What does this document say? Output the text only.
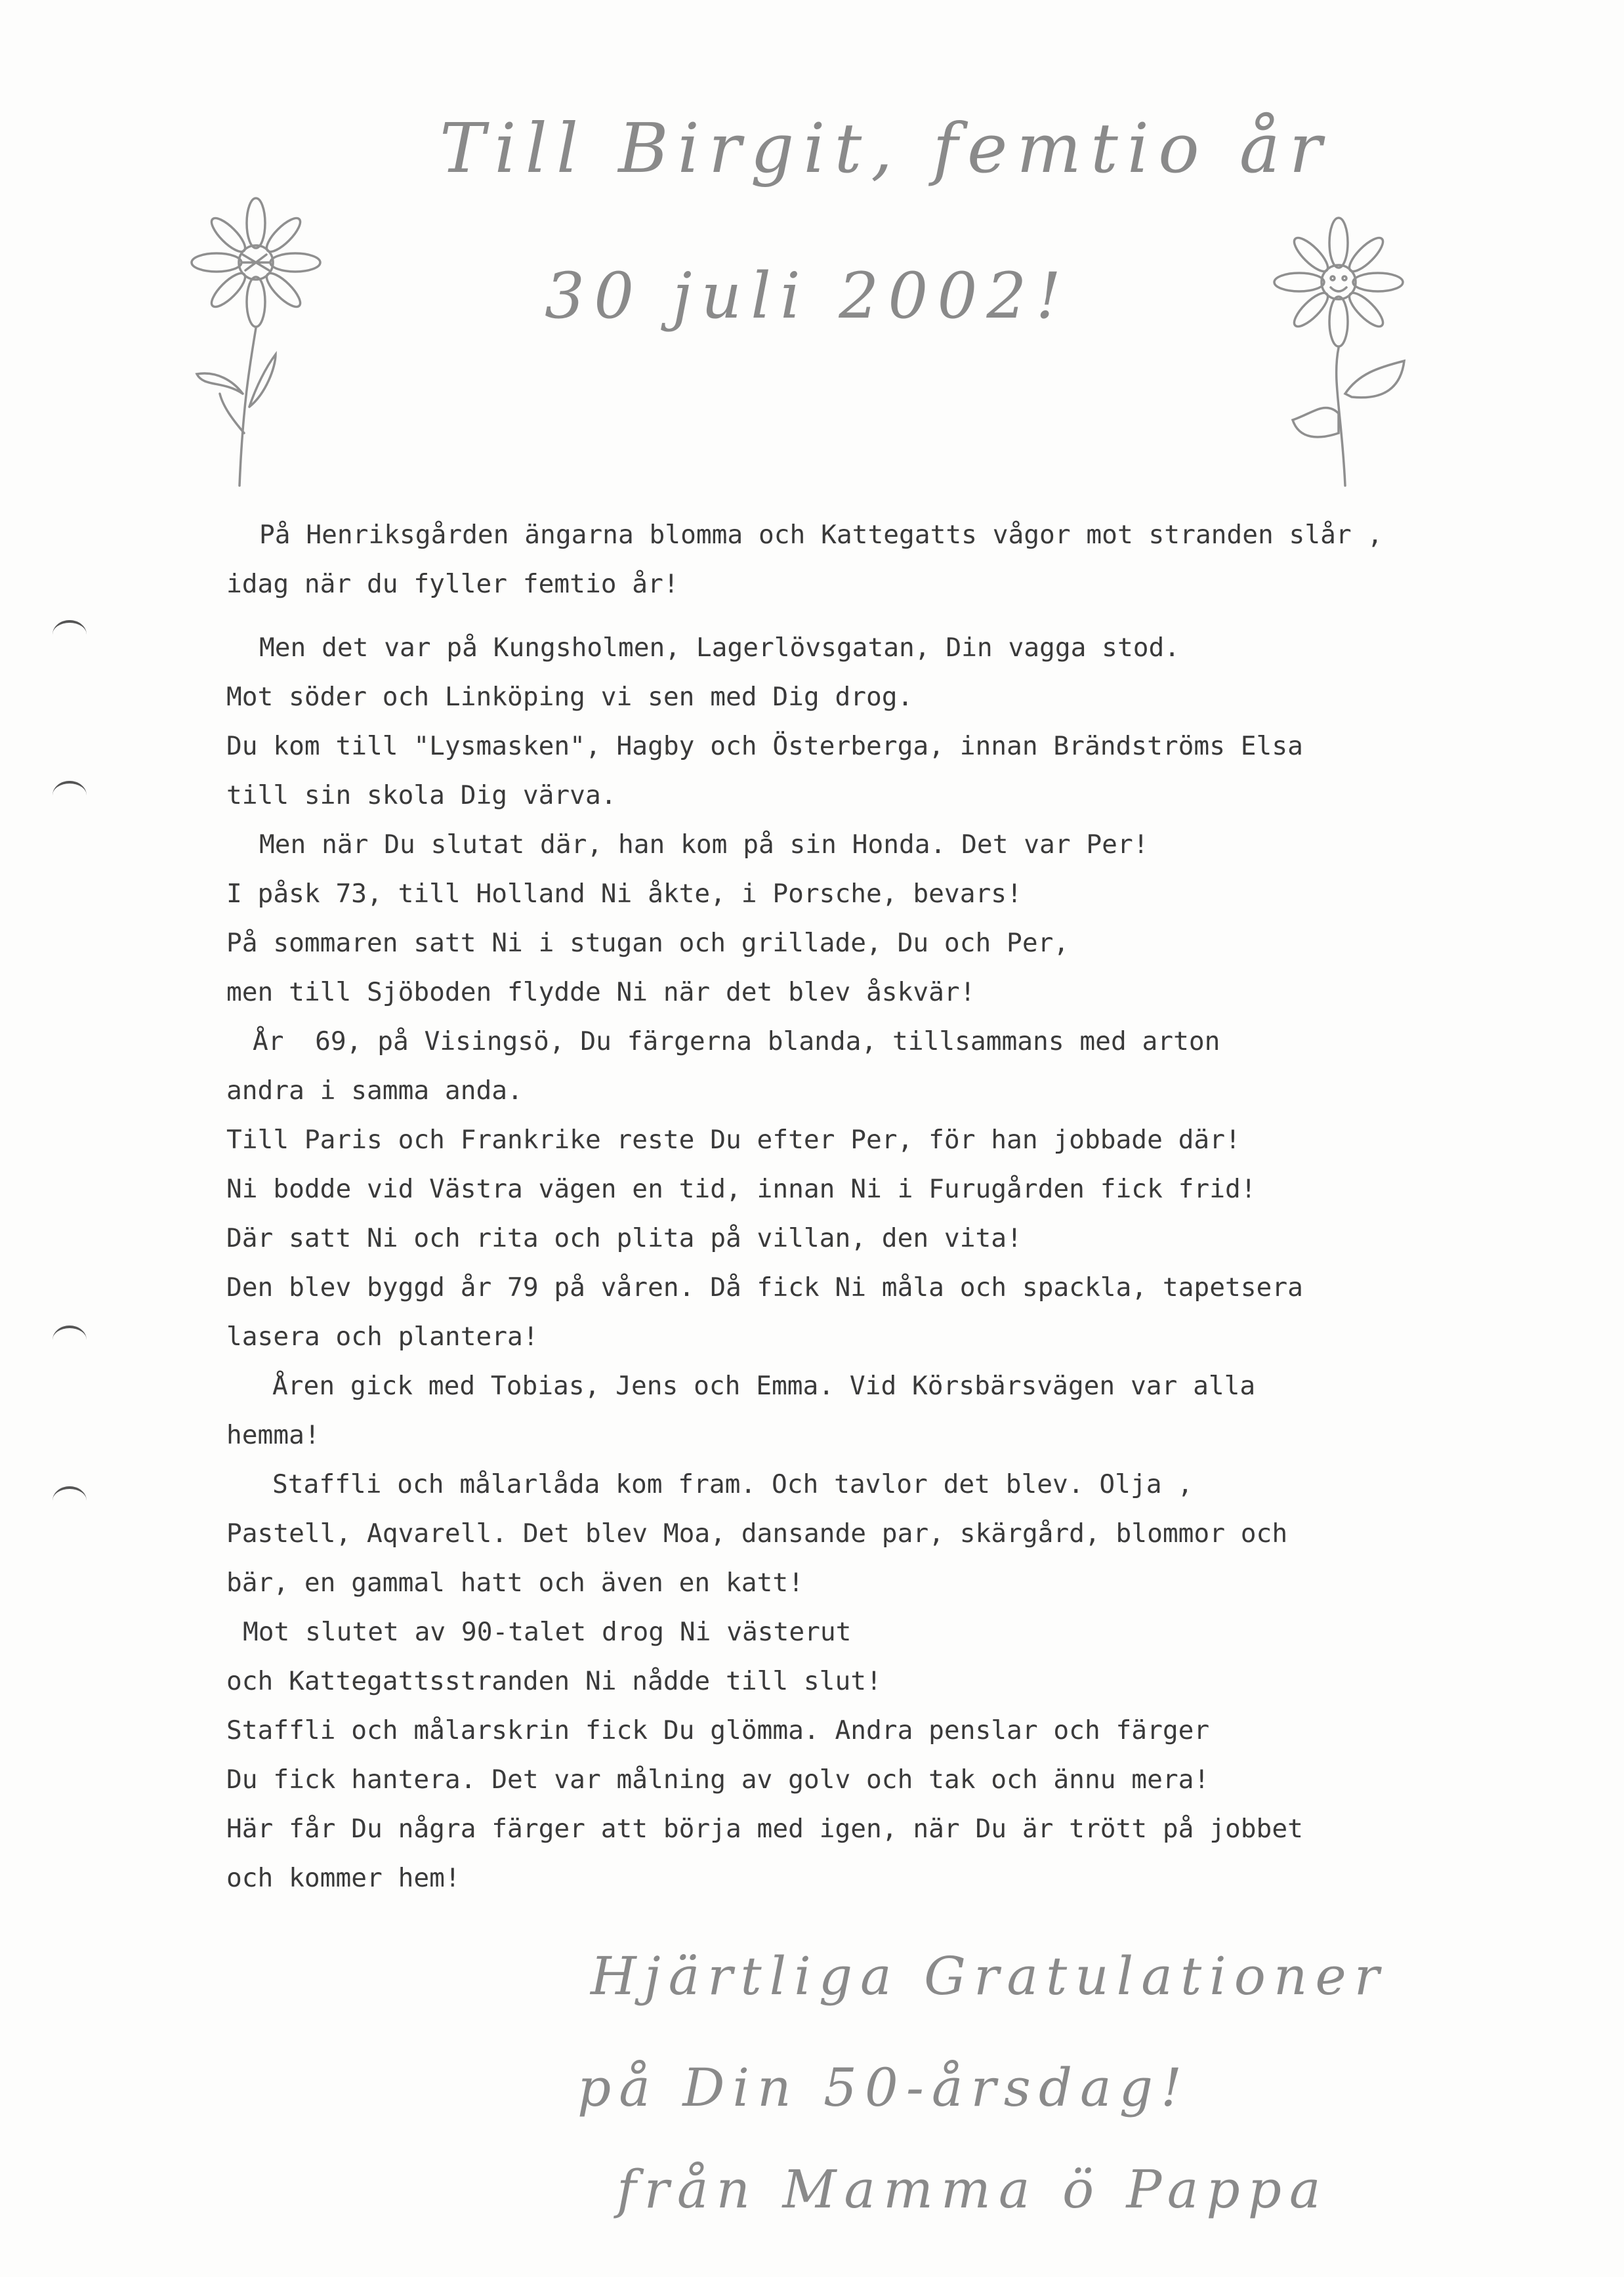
Till Birgit, femtio år
30 juli 2002!
På Henriksgården ängarna blomma och Kattegatts vågor mot stranden slår ,
idag när du fyller femtio år!
Men det var på Kungsholmen, Lagerlövsgatan, Din vagga stod.
Mot söder och Linköping vi sen med Dig drog.
Du kom till "Lysmasken", Hagby och Österberga, innan Brändströms Elsa
till sin skola Dig värva.
Men när Du slutat där, han kom på sin Honda. Det var Per!
I påsk 73, till Holland Ni åkte, i Porsche, bevars!
På sommaren satt Ni i stugan och grillade, Du och Per,
men till Sjöboden flydde Ni när det blev åskvär!
År  69, på Visingsö, Du färgerna blanda, tillsammans med arton
andra i samma anda.
Till Paris och Frankrike reste Du efter Per, för han jobbade där!
Ni bodde vid Västra vägen en tid, innan Ni i Furugården fick frid!
Där satt Ni och rita och plita på villan, den vita!
Den blev byggd år 79 på våren. Då fick Ni måla och spackla, tapetsera
lasera och plantera!
Åren gick med Tobias, Jens och Emma. Vid Körsbärsvägen var alla
hemma!
Staffli och målarlåda kom fram. Och tavlor det blev. Olja ,
Pastell, Aqvarell. Det blev Moa, dansande par, skärgård, blommor och
bär, en gammal hatt och även en katt!
Mot slutet av 90-talet drog Ni västerut
och Kattegattsstranden Ni nådde till slut!
Staffli och målarskrin fick Du glömma. Andra penslar och färger
Du fick hantera. Det var målning av golv och tak och ännu mera!
Här får Du några färger att börja med igen, när Du är trött på jobbet
och kommer hem!
Hjärtliga Gratulationer
på Din 50-årsdag!
från Mamma ö Pappa
